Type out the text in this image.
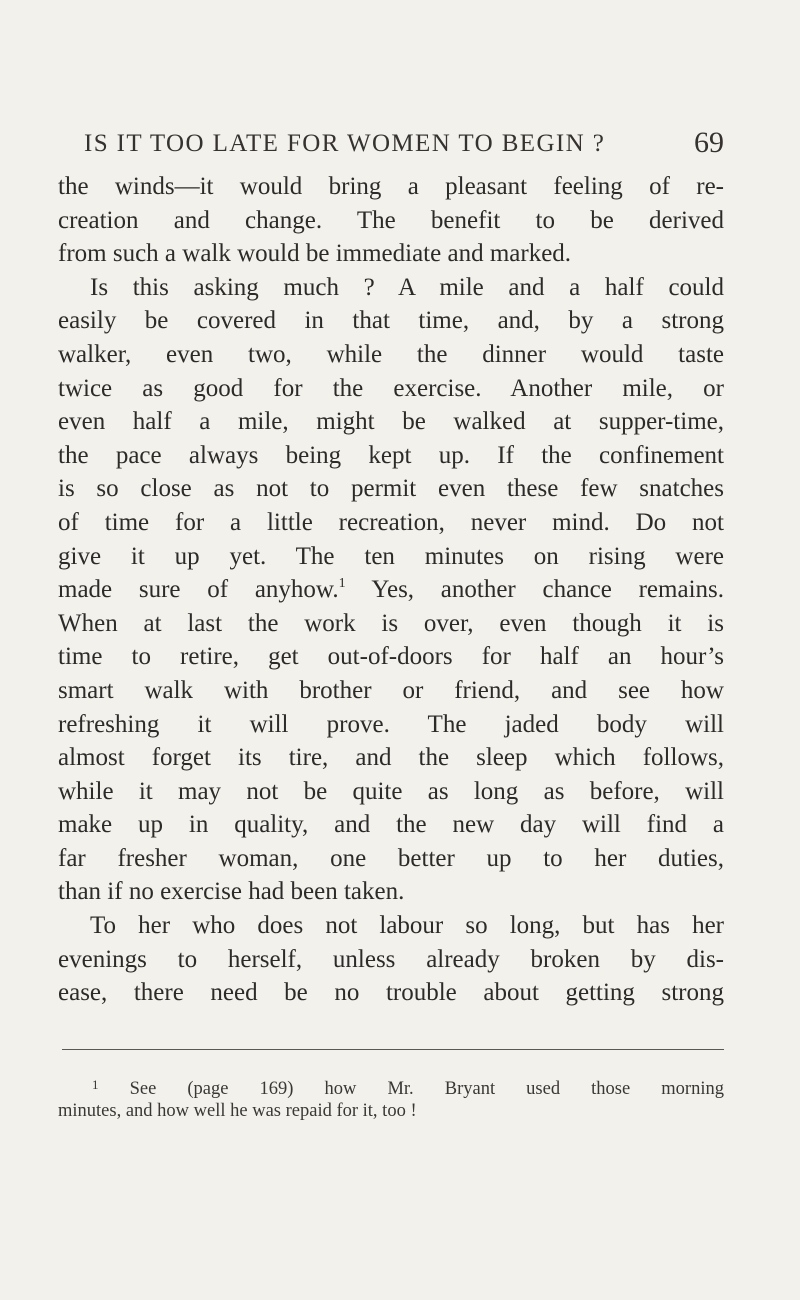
IS IT TOO LATE FOR WOMEN TO BEGIN ?	69
the winds—it would bring a pleasant feeling of re-
creation and change. The benefit to be derived
from such a walk would be immediate and marked.
Is this asking much ? A mile and a half could
easily be covered in that time, and, by a strong
walker, even two, while the dinner would taste
twice as good for the exercise. Another mile, or
even half a mile, might be walked at supper-time,
the pace always being kept up. If the confinement
is so close as not to permit even these few snatches
of time for a little recreation, never mind. Do not
give it up yet. The ten minutes on rising were
made sure of anyhow.$^1$ Yes, another chance remains.
When at last the work is over, even though it is
time to retire, get out-of-doors for half an hour’s
smart walk with brother or friend, and see how
refreshing it will prove. The jaded body will
almost forget its tire, and the sleep which follows,
while it may not be quite as long as before, will
make up in quality, and the new day will find a
far fresher woman, one better up to her duties,
than if no exercise had been taken.
To her who does not labour so long, but has her
evenings to herself, unless already broken by dis-
ease, there need be no trouble about getting strong
$^1$ See (page 169) how Mr. Bryant used those morning
minutes, and how well he was repaid for it, too !
